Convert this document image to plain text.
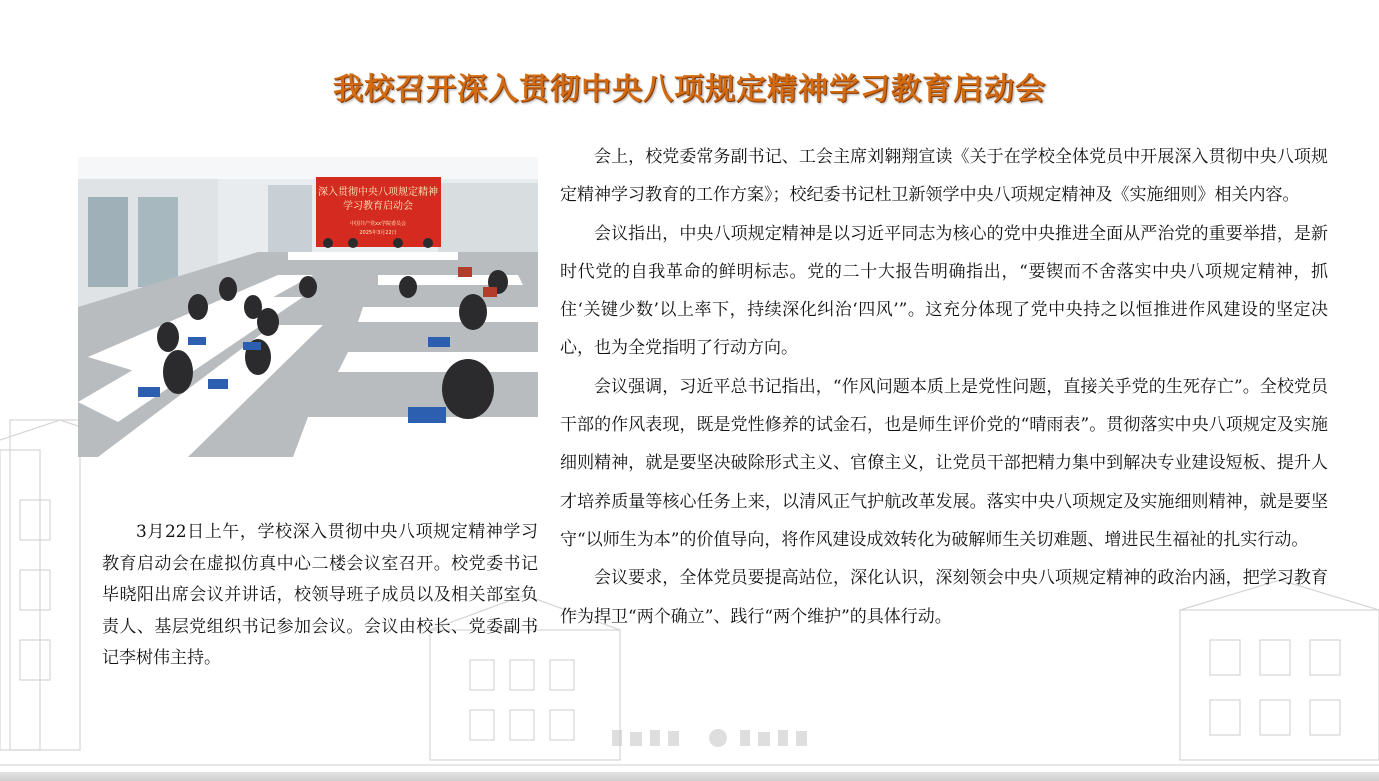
我校召开深入贯彻中央八项规定精神学习教育启动会
深入贯彻中央八项规定精神
学习教育启动会
中国共产党ⅹⅹ学院委员会
2025年3月22日

3月22日上午，学校深入贯彻中央八项规定精神学习教育启动会在虚拟仿真中心二楼会议室召开。校党委书记毕晓阳出席会议并讲话，校领导班子成员以及相关部室负责人、基层党组织书记参加会议。会议由校长、党委副书记李树伟主持。

会上，校党委常务副书记、工会主席刘翱翔宣读《关于在学校全体党员中开展深入贯彻中央八项规定精神学习教育的工作方案》；校纪委书记杜卫新领学中央八项规定精神及《实施细则》相关内容。

会议指出，中央八项规定精神是以习近平同志为核心的党中央推进全面从严治党的重要举措，是新时代党的自我革命的鲜明标志。党的二十大报告明确指出，“要锲而不舍落实中央八项规定精神，抓住‘关键少数’以上率下，持续深化纠治‘四风’”。这充分体现了党中央持之以恒推进作风建设的坚定决心，也为全党指明了行动方向。

会议强调，习近平总书记指出，“作风问题本质上是党性问题，直接关乎党的生死存亡”。全校党员干部的作风表现，既是党性修养的试金石，也是师生评价党的“晴雨表”。贯彻落实中央八项规定及实施细则精神，就是要坚决破除形式主义、官僚主义，让党员干部把精力集中到解决专业建设短板、提升人才培养质量等核心任务上来，以清风正气护航改革发展。落实中央八项规定及实施细则精神，就是要坚守“以师生为本”的价值导向，将作风建设成效转化为破解师生关切难题、增进民生福祉的扎实行动。

会议要求，全体党员要提高站位，深化认识，深刻领会中央八项规定精神的政治内涵，把学习教育作为捍卫“两个确立”、践行“两个维护”的具体行动。
